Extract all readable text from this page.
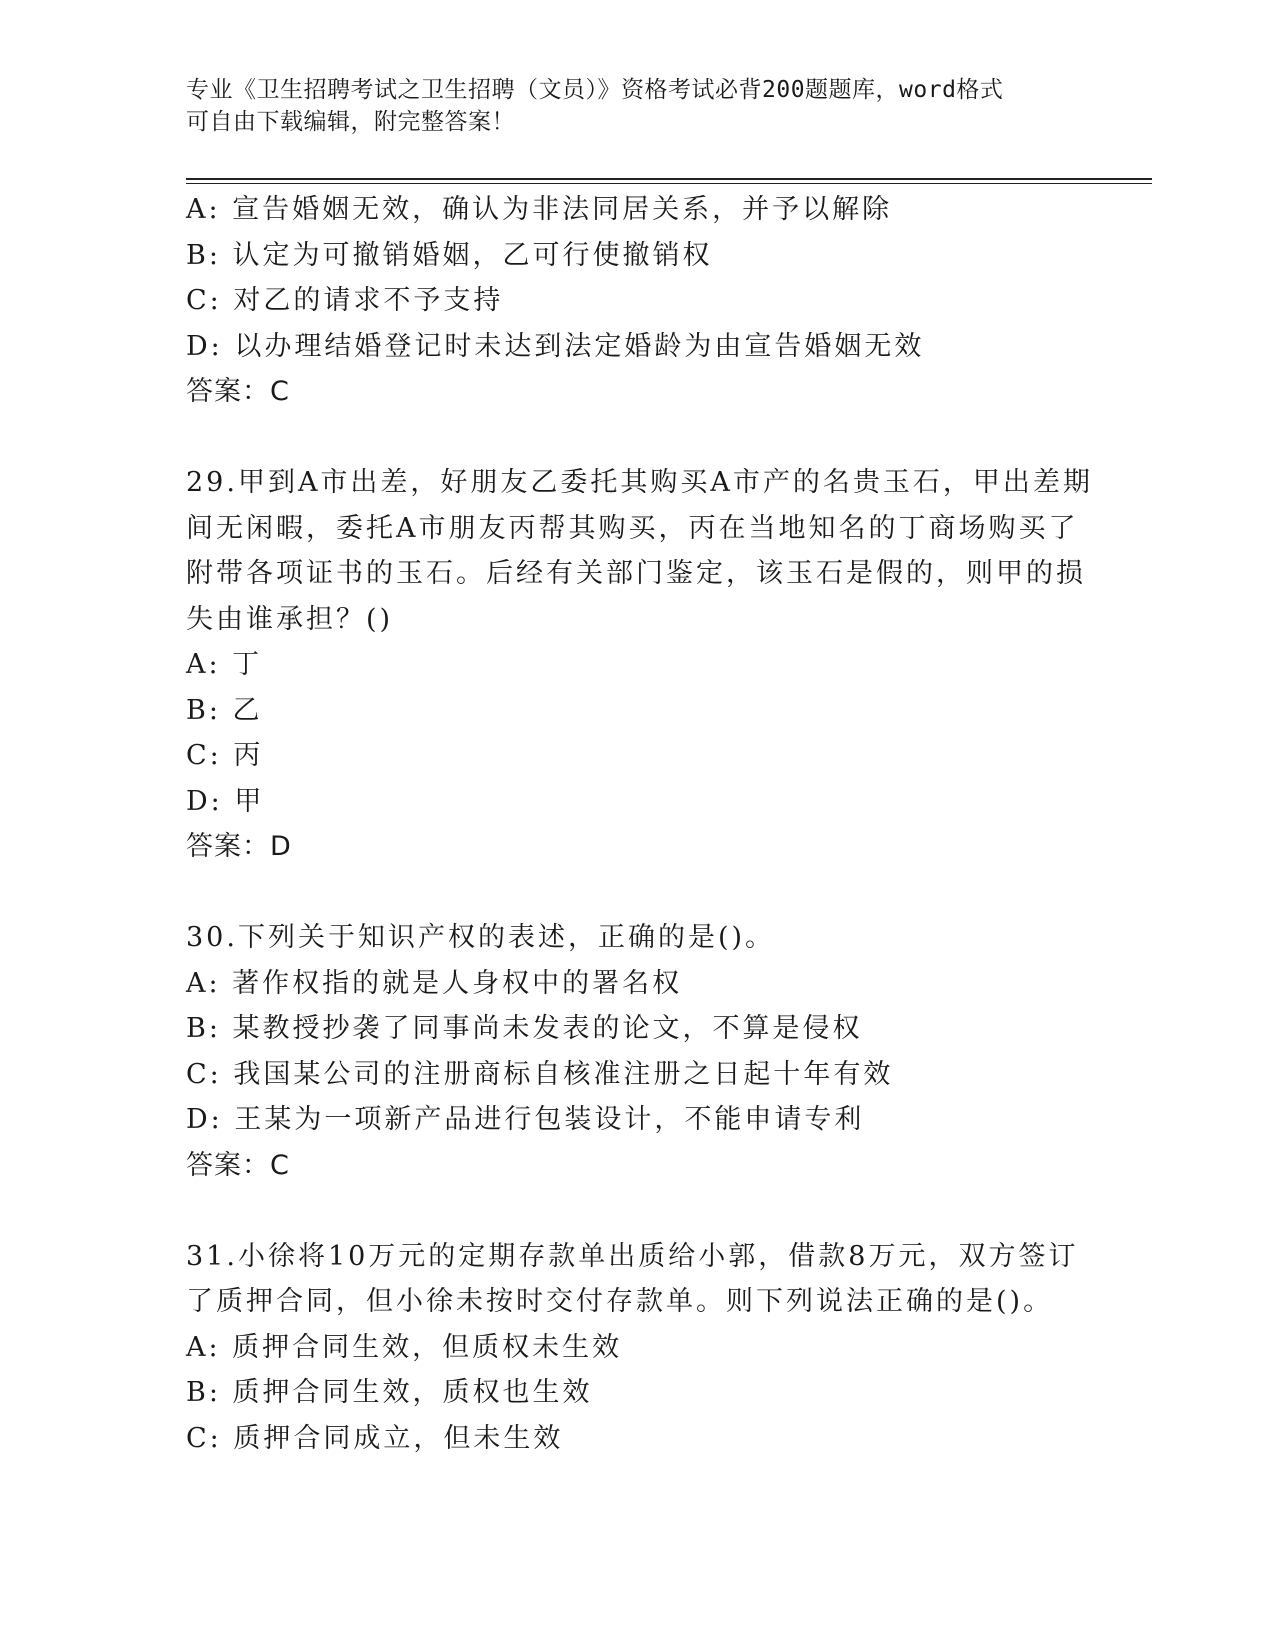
专业《卫生招聘考试之卫生招聘（文员）》资格考试必背200题题库，word格式
可自由下载编辑，附完整答案！
A: 宣告婚姻无效，确认为非法同居关系，并予以解除
B: 认定为可撤销婚姻，乙可行使撤销权
C: 对乙的请求不予支持
D: 以办理结婚登记时未达到法定婚龄为由宣告婚姻无效
答案：C
29.甲到A市出差，好朋友乙委托其购买A市产的名贵玉石，甲出差期
间无闲暇，委托A市朋友丙帮其购买，丙在当地知名的丁商场购买了
附带各项证书的玉石。后经有关部门鉴定，该玉石是假的，则甲的损
失由谁承担？()
A: 丁
B: 乙
C: 丙
D: 甲
答案：D
30.下列关于知识产权的表述，正确的是()。
A: 著作权指的就是人身权中的署名权
B: 某教授抄袭了同事尚未发表的论文，不算是侵权
C: 我国某公司的注册商标自核准注册之日起十年有效
D: 王某为一项新产品进行包装设计，不能申请专利
答案：C
31.小徐将10万元的定期存款单出质给小郭，借款8万元，双方签订
了质押合同，但小徐未按时交付存款单。则下列说法正确的是()。
A: 质押合同生效，但质权未生效
B: 质押合同生效，质权也生效
C: 质押合同成立，但未生效
